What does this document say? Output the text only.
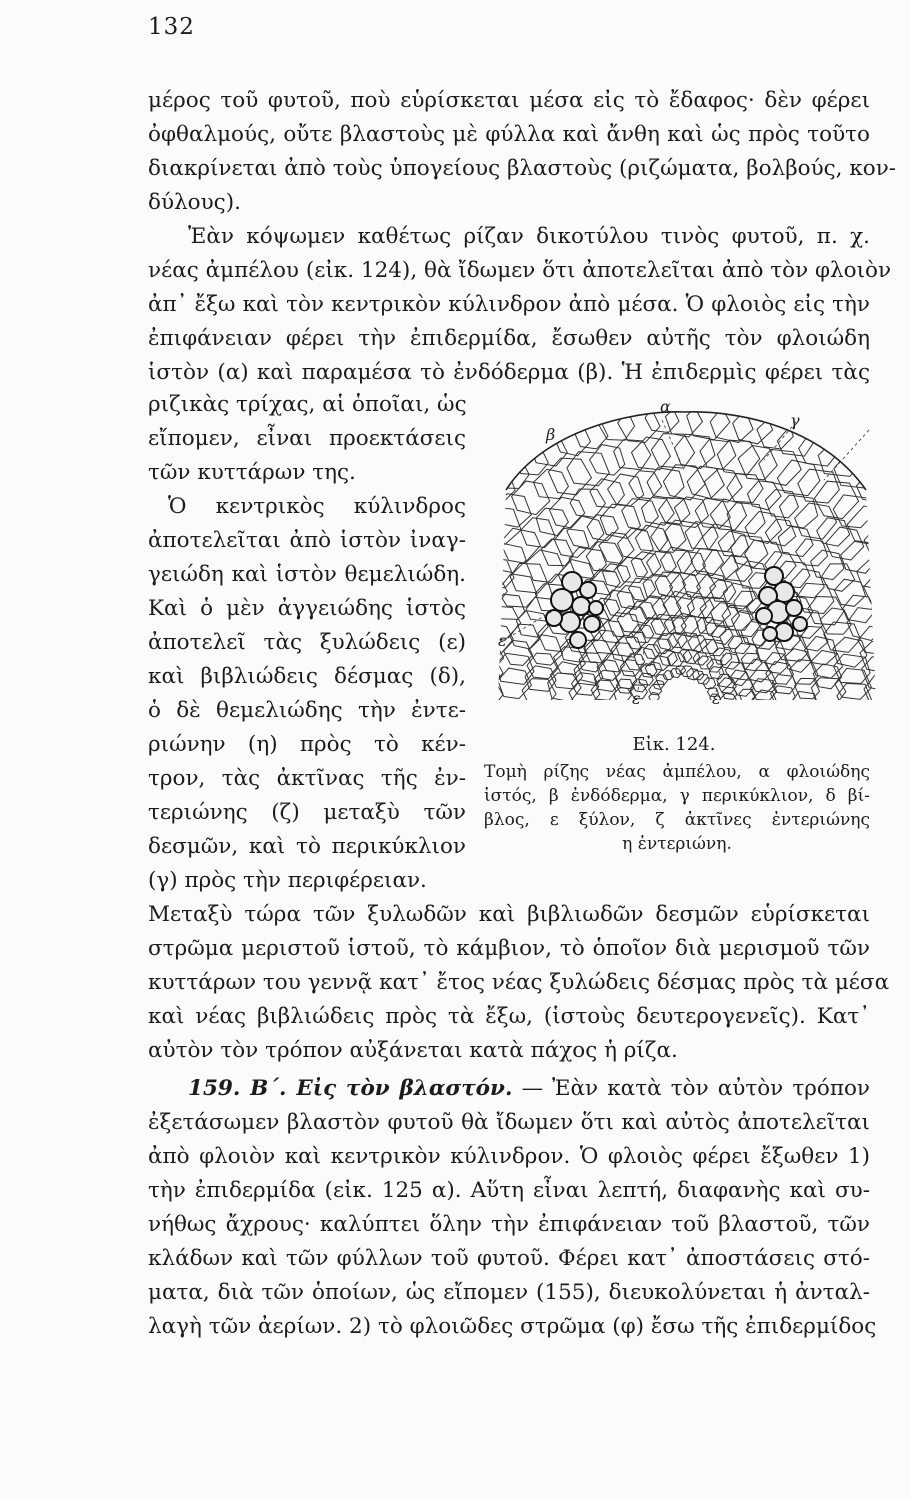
132
μέρος τοῦ φυτοῦ, ποὺ εὑρίσκεται μέσα εἰς τὸ ἔδαφος· δὲν φέρει
ὀφθαλμούς, οὔτε βλαστοὺς μὲ φύλλα καὶ ἄνθη καὶ ὡς πρὸς τοῦτο
διακρίνεται ἀπὸ τοὺς ὑπογείους βλαστοὺς (ριζώματα, βολβούς, κον-
δύλους).
Ἐὰν κόψωμεν καθέτως ρίζαν δικοτύλου τινὸς φυτοῦ, π. χ.
νέας ἀμπέλου (εἰκ. 124), θὰ ἴδωμεν ὅτι ἀποτελεῖται ἀπὸ τὸν φλοιὸν
ἀπ᾽ ἔξω καὶ τὸν κεντρικὸν κύλινδρον ἀπὸ μέσα. Ὁ φλοιὸς εἰς τὴν
ἐπιφάνειαν φέρει τὴν ἐπιδερμίδα, ἔσωθεν αὐτῆς τὸν φλοιώδη
ἱστὸν (α) καὶ παραμέσα τὸ ἐνδόδερμα (β). Ἡ ἐπιδερμὶς φέρει τὰς
ριζικὰς τρίχας, αἱ ὁποῖαι, ὡς
εἴπομεν, εἶναι προεκτάσεις
τῶν κυττάρων της.
Ὁ κεντρικὸς κύλινδρος
ἀποτελεῖται ἀπὸ ἱστὸν ἰναγ-
γειώδη καὶ ἱστὸν θεμελιώδη.
Καὶ ὁ μὲν ἀγγειώδης ἱστὸς
ἀποτελεῖ τὰς ξυλώδεις (ε)
καὶ βιβλιώδεις δέσμας (δ),
ὁ δὲ θεμελιώδης τὴν ἐντε-
ριώνην (η) πρὸς τὸ κέν-
τρον, τὰς ἀκτῖνας τῆς ἐν-
τεριώνης (ζ) μεταξὺ τῶν
δεσμῶν, καὶ τὸ περικύκλιον
(γ) πρὸς τὴν περιφέρειαν.
α
β
γ
ε
ε	ε
Εἰκ. 124.
Τομὴ ρίζης νέας ἀμπέλου, α φλοιώδης
ἱστός, β ἐνδόδερμα, γ περικύκλιον, δ βί-
βλος, ε ξύλον, ζ ἀκτῖνες ἐντεριώνης
η ἐντεριώνη.
Μεταξὺ τώρα τῶν ξυλωδῶν καὶ βιβλιωδῶν δεσμῶν εὑρίσκεται
στρῶμα μεριστοῦ ἱστοῦ, τὸ κάμβιον, τὸ ὁποῖον διὰ μερισμοῦ τῶν
κυττάρων του γεννᾷ κατ᾽ ἔτος νέας ξυλώδεις δέσμας πρὸς τὰ μέσα
καὶ νέας βιβλιώδεις πρὸς τὰ ἔξω, (ἱστοὺς δευτερογενεῖς). Κατ᾽
αὐτὸν τὸν τρόπον αὐξάνεται κατὰ πάχος ἡ ρίζα.
159. Β΄. Εἰς τὸν βλαστόν. — Ἐὰν κατὰ τὸν αὐτὸν τρόπον
ἐξετάσωμεν βλαστὸν φυτοῦ θὰ ἴδωμεν ὅτι καὶ αὐτὸς ἀποτελεῖται
ἀπὸ φλοιὸν καὶ κεντρικὸν κύλινδρον. Ὁ φλοιὸς φέρει ἔξωθεν 1)
τὴν ἐπιδερμίδα (εἰκ. 125 α). Αὕτη εἶναι λεπτή, διαφανὴς καὶ συ-
νήθως ἄχρους· καλύπτει ὅλην τὴν ἐπιφάνειαν τοῦ βλαστοῦ, τῶν
κλάδων καὶ τῶν φύλλων τοῦ φυτοῦ. Φέρει κατ᾽ ἀποστάσεις στό-
ματα, διὰ τῶν ὁποίων, ὡς εἴπομεν (155), διευκολύνεται ἡ ἀνταλ-
λαγὴ τῶν ἀερίων. 2) τὸ φλοιῶδες στρῶμα (φ) ἔσω τῆς ἐπιδερμίδος
